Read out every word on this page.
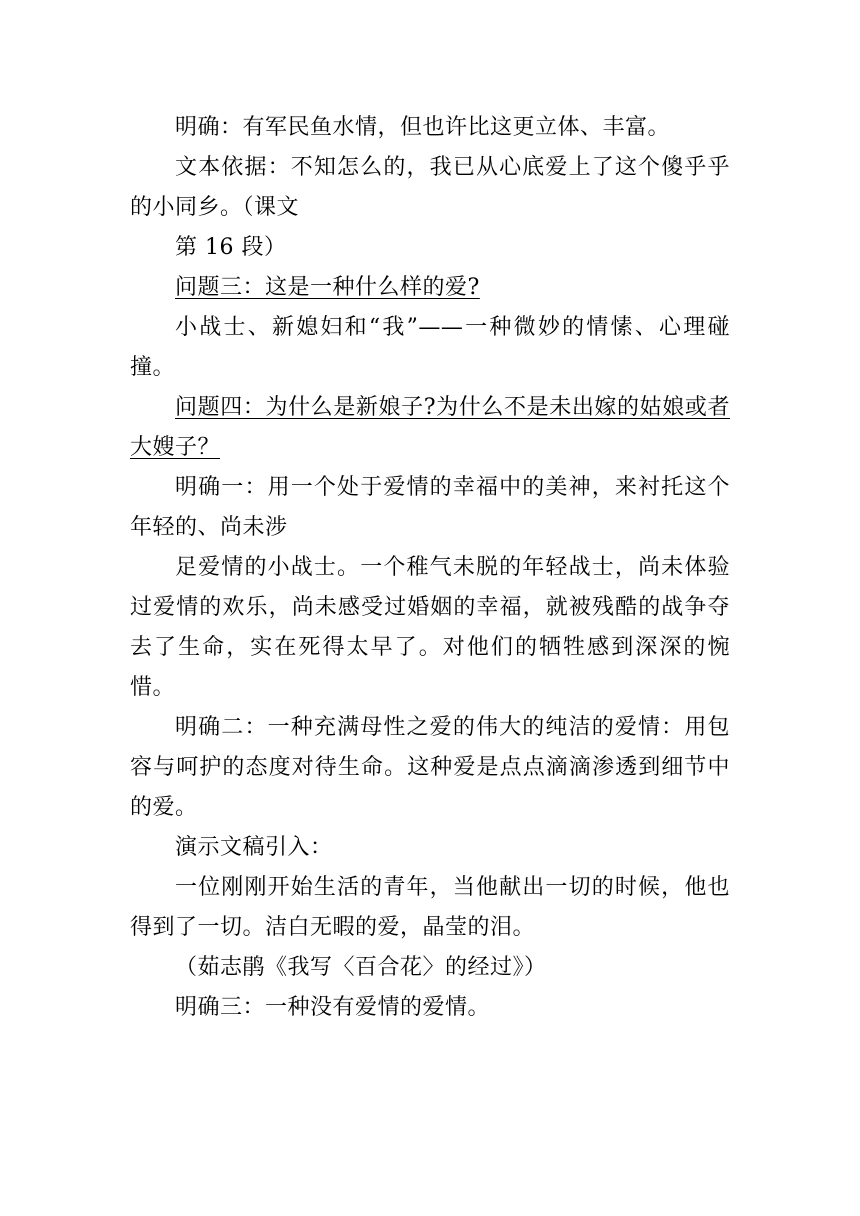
明确：有军民鱼水情，但也许比这更立体、丰富。

文本依据：不知怎么的，我已从心底爱上了这个傻乎乎的小同乡。（课文

第 16 段）

问题三：这是一种什么样的爱?

小战士、新媳妇和“我”——一种微妙的情愫、心理碰撞。

问题四：为什么是新娘子?为什么不是未出嫁的姑娘或者大嫂子？

明确一：用一个处于爱情的幸福中的美神，来衬托这个年轻的、尚未涉

足爱情的小战士。一个稚气未脱的年轻战士，尚未体验过爱情的欢乐，尚未感受过婚姻的幸福，就被残酷的战争夺去了生命，实在死得太早了。对他们的牺牲感到深深的惋惜。

明确二：一种充满母性之爱的伟大的纯洁的爱情：用包容与呵护的态度对待生命。这种爱是点点滴滴渗透到细节中的爱。

演示文稿引入：

一位刚刚开始生活的青年，当他献出一切的时候，他也得到了一切。洁白无暇的爱，晶莹的泪。

（茹志鹃《我写〈百合花〉的经过》）

明确三：一种没有爱情的爱情。
